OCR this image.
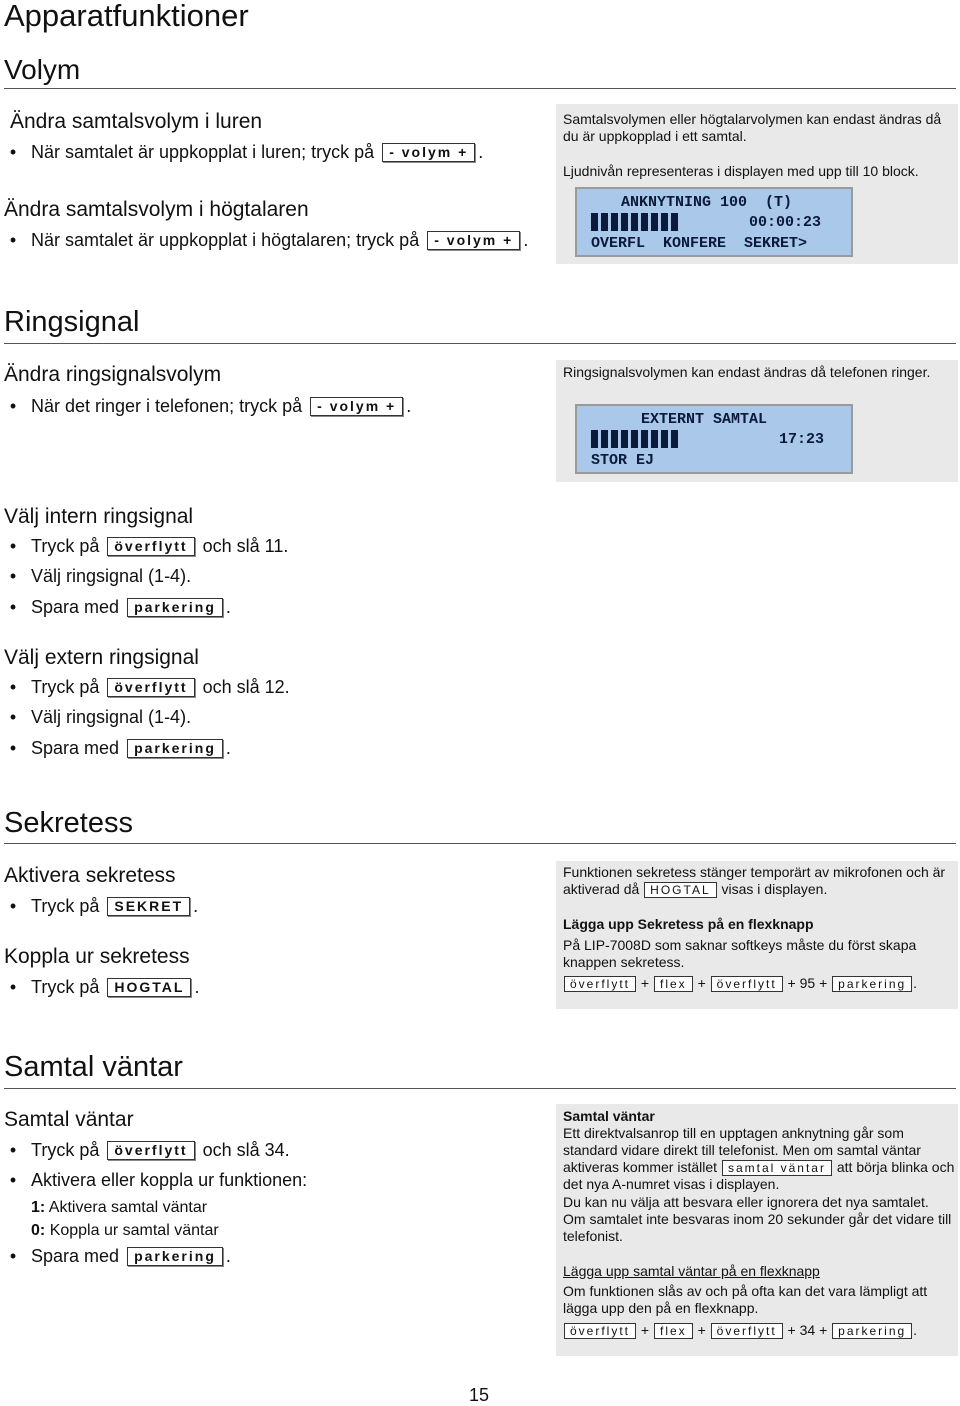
Apparatfunktioner
Volym
Ändra samtalsvolym i luren
• När samtalet är uppkopplat i luren; tryck på - volym + .
Ändra samtalsvolym i högtalaren
• När samtalet är uppkopplat i högtalaren; tryck på - volym + .

Samtalsvolymen eller högtalarvolymen kan endast ändras då du är uppkopplad i ett samtal.

Ljudnivån representeras i displayen med upp till 10 block.

ANKNYTNING 100  (T)
00:00:23
OVERFL  KONFERE  SEKRET>
Ringsignal
Ändra ringsignalsvolym
• När det ringer i telefonen; tryck på - volym + .

Ringsignalsvolymen kan endast ändras då telefonen ringer.

EXTERNT SAMTAL
17:23
STOR EJ
Välj intern ringsignal
• Tryck på överflytt och slå 11.
• Välj ringsignal (1-4).
• Spara med parkering .
Välj extern ringsignal
• Tryck på överflytt och slå 12.
• Välj ringsignal (1-4).
• Spara med parkering .
Sekretess
Aktivera sekretess
• Tryck på SEKRET .
Koppla ur sekretess
• Tryck på HOGTAL .

Funktionen sekretess stänger temporärt av mikrofonen och är aktiverad då HOGTAL visas i displayen.

Lägga upp Sekretess på en flexknapp

På LIP-7008D som saknar softkeys måste du först skapa knappen sekretess.

överflytt + flex + överflytt + 95 + parkering .

Samtal väntar
Samtal väntar
• Tryck på överflytt och slå 34.
• Aktivera eller koppla ur funktionen:
1: Aktivera samtal väntar
0: Koppla ur samtal väntar
• Spara med parkering .

Samtal väntar

Ett direktvalsanrop till en upptagen anknytning går som standard vidare direkt till telefonist. Men om samtal väntar aktiveras kommer istället samtal väntar att börja blinka och det nya A-numret visas i displayen.

Du kan nu välja att besvara eller ignorera det nya samtalet. Om samtalet inte besvaras inom 20 sekunder går det vidare till telefonist.

Lägga upp samtal väntar på en flexknapp

Om funktionen slås av och på ofta kan det vara lämpligt att lägga upp den på en flexknapp.

överflytt + flex + överflytt + 34 + parkering .

15
